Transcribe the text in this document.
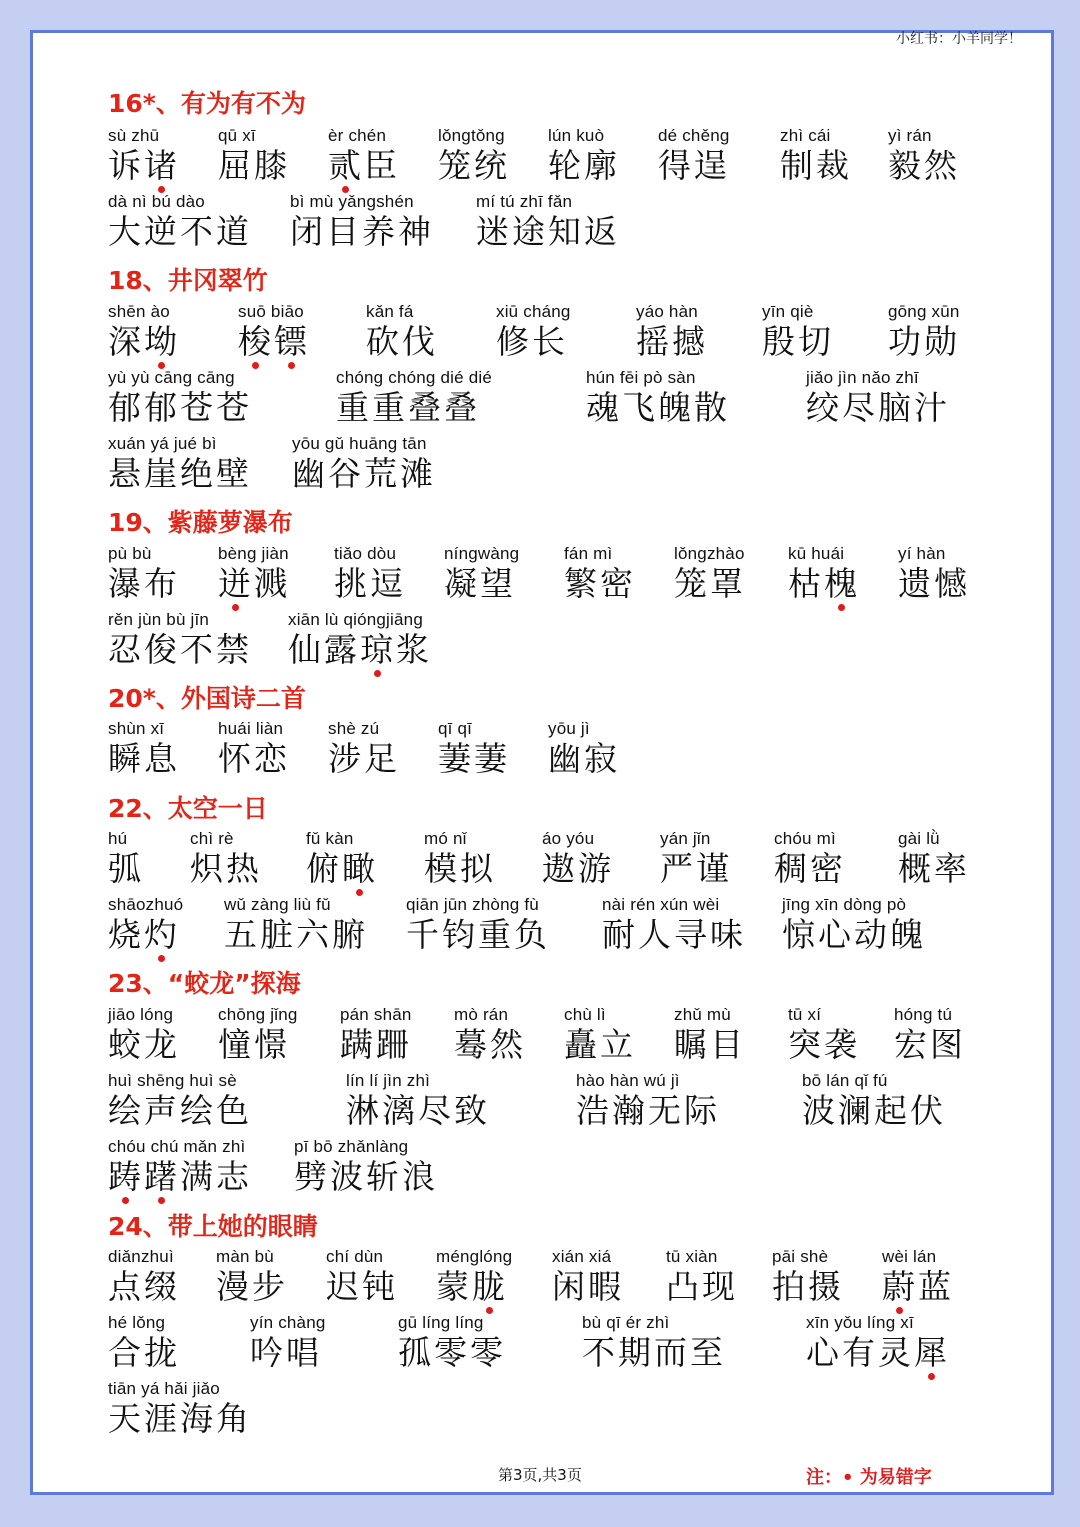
小红书：小羊同学！
16*、有为有不为
sù zhū
诉诸
qū xī
屈膝
èr chén
贰臣
lǒngtǒng
笼统
lún kuò
轮廓
dé chěng
得逞
zhì cái
制裁
yì rán
毅然
dà nì bú dào
大逆不道
bì mù yǎngshén
闭目养神
mí tú zhī fǎn
迷途知返
18、井冈翠竹
shēn ào
深坳
suō biāo
梭镖
kǎn fá
砍伐
xiū cháng
修长
yáo hàn
摇撼
yīn qiè
殷切
gōng xūn
功勋
yù yù cāng cāng
郁郁苍苍
chóng chóng dié dié
重重叠叠
hún fēi pò sàn
魂飞魄散
jiǎo jìn nǎo zhī
绞尽脑汁
xuán yá jué bì
悬崖绝壁
yōu gǔ huāng tān
幽谷荒滩
19、紫藤萝瀑布
pù bù
瀑布
bèng jiàn
迸溅
tiǎo dòu
挑逗
níngwàng
凝望
fán mì
繁密
lǒngzhào
笼罩
kū huái
枯槐
yí hàn
遗憾
rěn jùn bù jīn
忍俊不禁
xiān lù qióngjiāng
仙露琼浆
20*、外国诗二首
shùn xī
瞬息
huái liàn
怀恋
shè zú
涉足
qī qī
萋萋
yōu jì
幽寂
22、太空一日
hú
弧
chì rè
炽热
fǔ kàn
俯瞰
mó nǐ
模拟
áo yóu
遨游
yán jǐn
严谨
chóu mì
稠密
gài lǜ
概率
shāozhuó
烧灼
wǔ zàng liù fǔ
五脏六腑
qiān jūn zhòng fù
千钧重负
nài rén xún wèi
耐人寻味
jīng xīn dòng pò
惊心动魄
23、“蛟龙”探海
jiāo lóng
蛟龙
chōng jǐng
憧憬
pán shān
蹒跚
mò rán
蓦然
chù lì
矗立
zhǔ mù
瞩目
tū xí
突袭
hóng tú
宏图
huì shēng huì sè
绘声绘色
lín lí jìn zhì
淋漓尽致
hào hàn wú jì
浩瀚无际
bō lán qǐ fú
波澜起伏
chóu chú mǎn zhì
踌躇满志
pī bō zhǎnlàng
劈波斩浪
24、带上她的眼睛
diǎnzhuì
点缀
màn bù
漫步
chí dùn
迟钝
ménglóng
蒙胧
xián xiá
闲暇
tū xiàn
凸现
pāi shè
拍摄
wèi lán
蔚蓝
hé lǒng
合拢
yín chàng
吟唱
gū líng líng
孤零零
bù qī ér zhì
不期而至
xīn yǒu líng xī
心有灵犀
tiān yá hǎi jiǎo
天涯海角
第3页,共3页	注：• 为易错字
